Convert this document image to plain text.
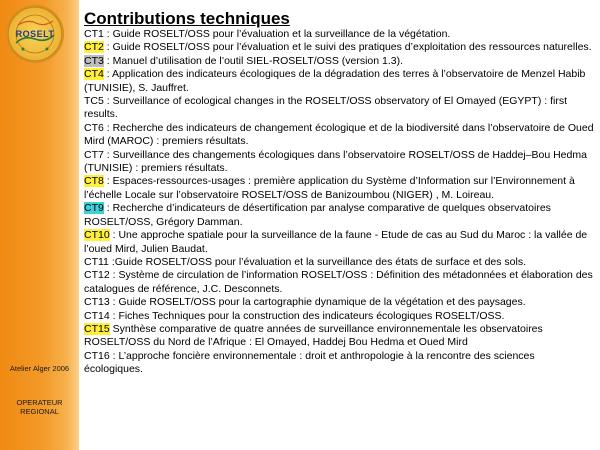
ROSELT
Atelier Alger 2006
OPERATEUR
REGIONAL
Contributions techniques
CT1 : Guide ROSELT/OSS pour l’évaluation et la surveillance de la végétation.
CT2 : Guide ROSELT/OSS pour l’évaluation et le suivi des pratiques d’exploitation des ressources naturelles.
CT3 : Manuel d’utilisation de l’outil SIEL-ROSELT/OSS (version 1.3).
CT4 : Application des indicateurs écologiques de la dégradation des terres à l’observatoire de Menzel Habib (TUNISIE), S. Jauffret.
TC5 : Surveillance of ecological changes in the ROSELT/OSS observatory of El Omayed (EGYPT) : first results.
CT6 : Recherche des indicateurs de changement écologique et de la biodiversité dans l’observatoire de Oued Mird (MAROC) : premiers résultats.
CT7 : Surveillance des changements écologiques dans l’observatoire ROSELT/OSS de Haddej–Bou Hedma (TUNISIE) : premiers résultats.
CT8 : Espaces-ressources-usages : première application du Système d’Information sur l’Environnement à l’échelle Locale sur l’observatoire ROSELT/OSS de Banizoumbou (NIGER) , M. Loireau.
CT9 : Recherche d’indicateurs de désertification par analyse comparative de quelques observatoires ROSELT/OSS, Grégory Damman.
CT10 : Une approche spatiale pour la surveillance de la faune - Etude de cas au Sud du Maroc : la vallée de l’oued Mird, Julien Baudat.
CT11 :Guide ROSELT/OSS pour l’évaluation et la surveillance des états de surface et des sols.
CT12 : Système de circulation de l’information ROSELT/OSS : Définition des métadonnées et élaboration des catalogues de référence, J.C. Desconnets.
CT13 : Guide ROSELT/OSS pour la cartographie dynamique de la végétation et des paysages.
CT14 : Fiches Techniques pour la construction des indicateurs écologiques ROSELT/OSS.
CT15 Synthèse comparative de quatre années de surveillance environnementale les observatoires ROSELT/OSS du Nord de l’Afrique : El Omayed, Haddej Bou Hedma et Oued Mird
CT16 : L’approche foncière environnementale : droit et anthropologie à la rencontre des sciences écologiques.
